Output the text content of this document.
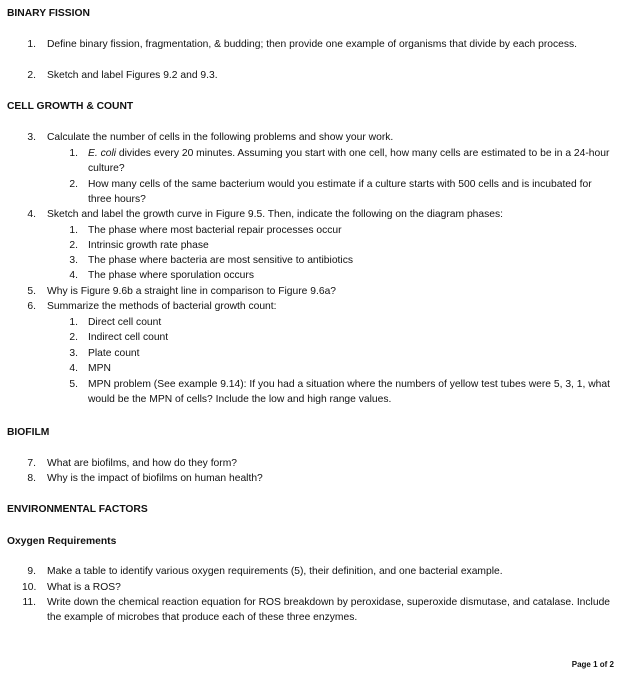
BINARY FISSION
1. Define binary fission, fragmentation, & budding; then provide one example of organisms that divide by each process.
2. Sketch and label Figures 9.2 and 9.3.
CELL GROWTH & COUNT
3. Calculate the number of cells in the following problems and show your work.
1. E. coli divides every 20 minutes. Assuming you start with one cell, how many cells are estimated to be in a 24-hour culture?
2. How many cells of the same bacterium would you estimate if a culture starts with 500 cells and is incubated for three hours?
4. Sketch and label the growth curve in Figure 9.5. Then, indicate the following on the diagram phases:
1. The phase where most bacterial repair processes occur
2. Intrinsic growth rate phase
3. The phase where bacteria are most sensitive to antibiotics
4. The phase where sporulation occurs
5. Why is Figure 9.6b a straight line in comparison to Figure 9.6a?
6. Summarize the methods of bacterial growth count:
1. Direct cell count
2. Indirect cell count
3. Plate count
4. MPN
5. MPN problem (See example 9.14): If you had a situation where the numbers of yellow test tubes were 5, 3, 1, what would be the MPN of cells? Include the low and high range values.
BIOFILM
7. What are biofilms, and how do they form?
8. Why is the impact of biofilms on human health?
ENVIRONMENTAL FACTORS
Oxygen Requirements
9. Make a table to identify various oxygen requirements (5), their definition, and one bacterial example.
10. What is a ROS?
11. Write down the chemical reaction equation for ROS breakdown by peroxidase, superoxide dismutase, and catalase. Include the example of microbes that produce each of these three enzymes.
Page 1 of 2
